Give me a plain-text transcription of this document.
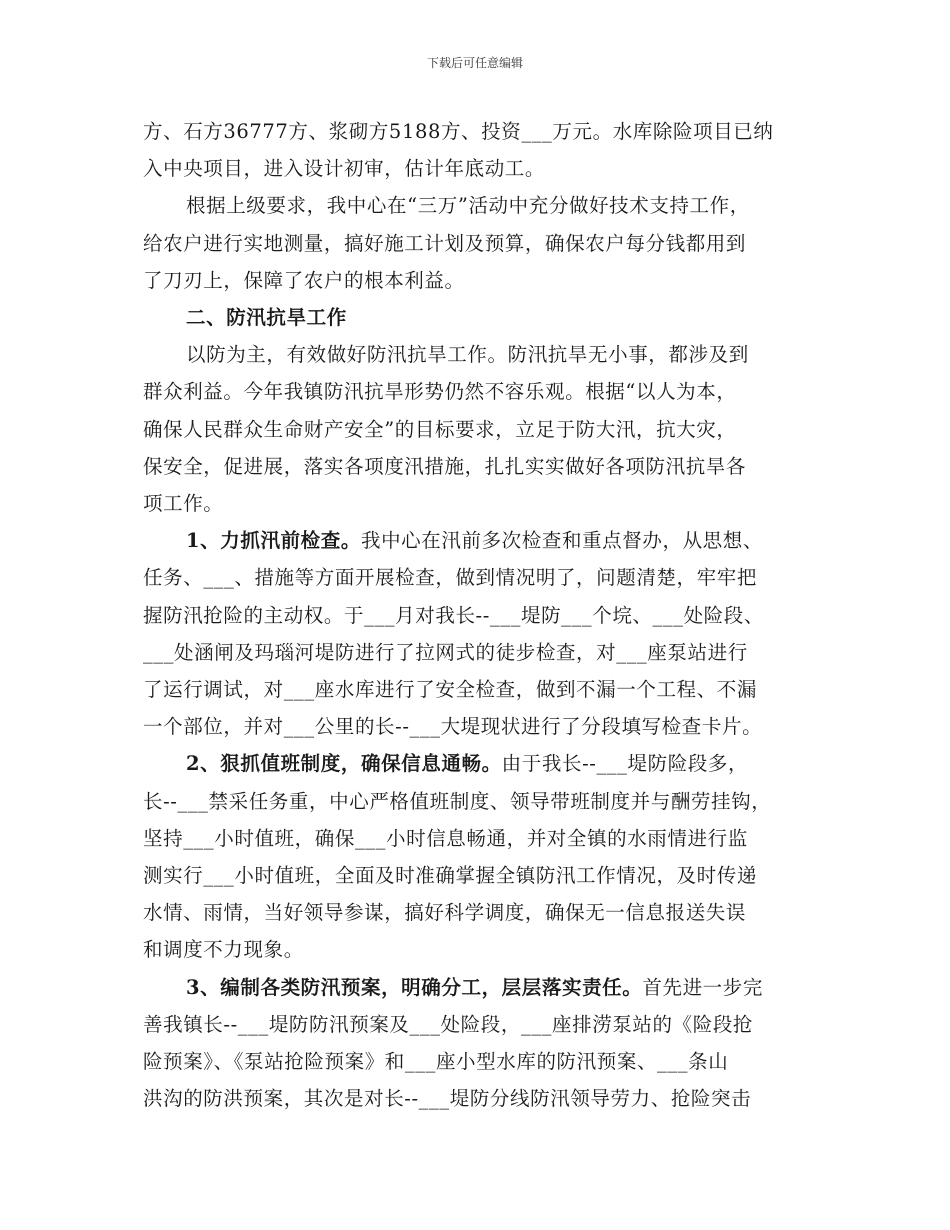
下载后可任意编辑
方、石方36777方、浆砌方5188方、投资___万元。水库除险项目已纳
入中央项目，进入设计初审，估计年底动工。
根据上级要求，我中心在“三万”活动中充分做好技术支持工作，
给农户进行实地测量，搞好施工计划及预算，确保农户每分钱都用到
了刀刃上，保障了农户的根本利益。
二、防汛抗旱工作
以防为主，有效做好防汛抗旱工作。防汛抗旱无小事，都涉及到
群众利益。今年我镇防汛抗旱形势仍然不容乐观。根据“以人为本，
确保人民群众生命财产安全”的目标要求，立足于防大汛，抗大灾，
保安全，促进展，落实各项度汛措施，扎扎实实做好各项防汛抗旱各
项工作。
1、力抓汛前检查。我中心在汛前多次检查和重点督办，从思想、
任务、___、措施等方面开展检查，做到情况明了，问题清楚，牢牢把
握防汛抢险的主动权。于___月对我长--___堤防___个垸、___处险段、
___处涵闸及玛瑙河堤防进行了拉网式的徒步检查，对___座泵站进行
了运行调试，对___座水库进行了安全检查，做到不漏一个工程、不漏
一个部位，并对___公里的长--___大堤现状进行了分段填写检查卡片。
2、狠抓值班制度，确保信息通畅。由于我长--___堤防险段多，
长--___禁采任务重，中心严格值班制度、领导带班制度并与酬劳挂钩，
坚持___小时值班，确保___小时信息畅通，并对全镇的水雨情进行监
测实行___小时值班，全面及时准确掌握全镇防汛工作情况，及时传递
水情、雨情，当好领导参谋，搞好科学调度，确保无一信息报送失误
和调度不力现象。
3、编制各类防汛预案，明确分工，层层落实责任。首先进一步完
善我镇长--___堤防防汛预案及___处险段，___座排涝泵站的《险段抢
险预案》、《泵站抢险预案》和___座小型水库的防汛预案、___条山
洪沟的防洪预案，其次是对长--___堤防分线防汛领导劳力、抢险突击
